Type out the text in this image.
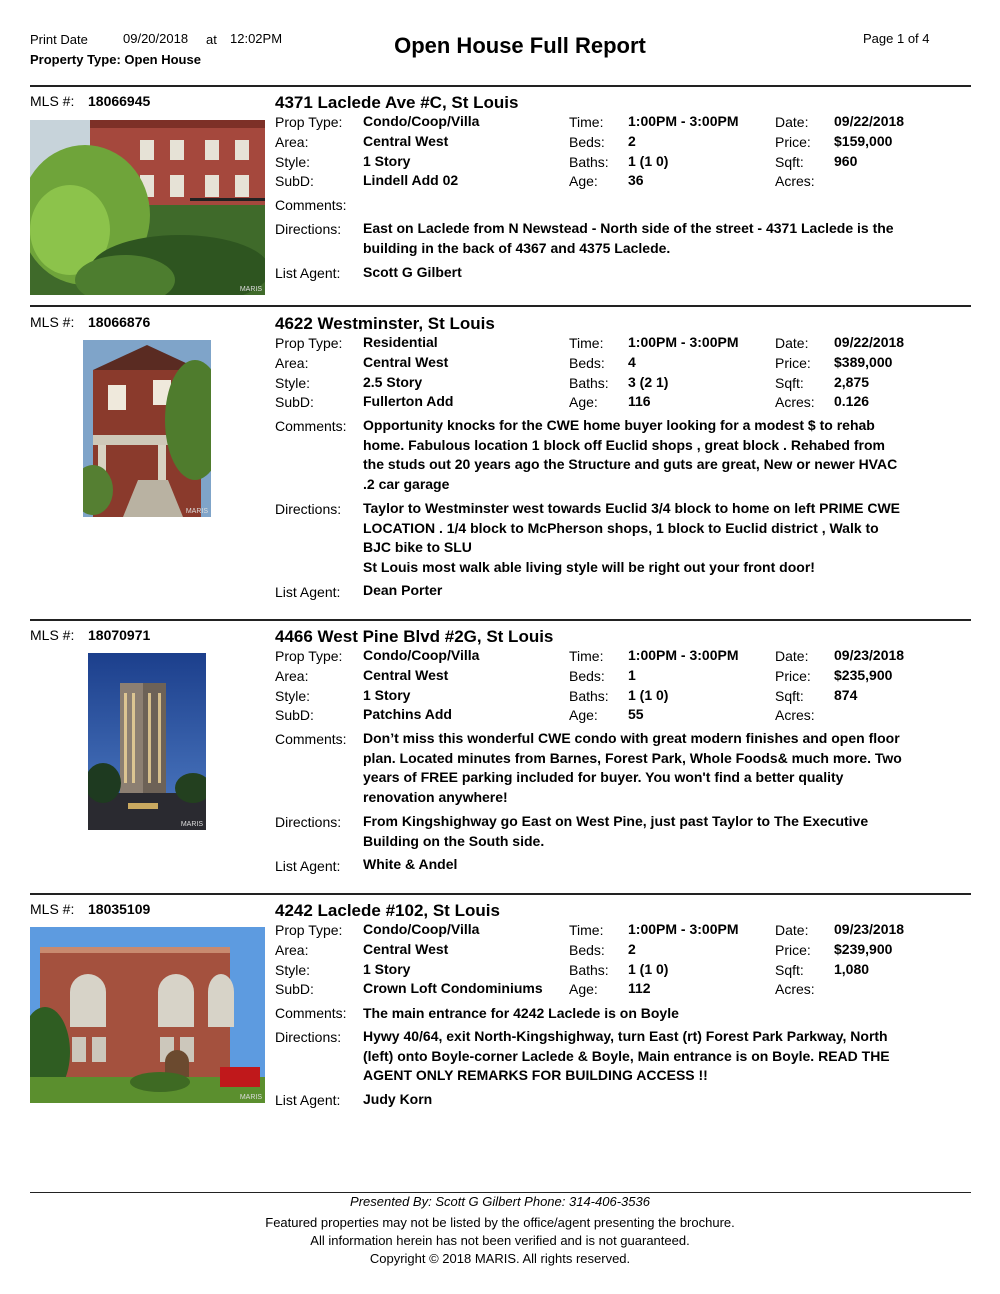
Print Date	09/20/2018 at 12:02PM	Open House Full Report	Page 1 of 4
Property Type: Open House
MLS #: 18066945	4371 Laclede Ave #C, St Louis
MARIS
Prop Type: Condo/Coop/Villa
Area:	Central West
Style:	1 Story
SubD:	Lindell Add 02
Time: 1:00PM - 3:00PM
Beds: 2
Baths: 1 (1 0)
Age: 36
Date: 09/22/2018
Price: $159,000
Sqft: 960
Acres:
Comments:
Directions: East on Laclede from N Newstead - North side of the street - 4371 Laclede is the building in the back of 4367 and 4375 Laclede.
List Agent: Scott G Gilbert
MLS #: 18066876	4622 Westminster, St Louis
MARIS
Prop Type: Residential
Area:	Central West
Style:	2.5 Story
SubD:	Fullerton Add
Time: 1:00PM - 3:00PM
Beds: 4
Baths: 3 (2 1)
Age: 116
Date: 09/22/2018
Price: $389,000
Sqft: 2,875
Acres: 0.126
Comments: Opportunity knocks for the CWE home buyer looking for a modest $ to rehab home. Fabulous location 1 block off Euclid shops , great block . Rehabed from the studs out 20 years ago the Structure and guts are great, New or newer HVAC .2 car garage
Directions: Taylor to Westminster west towards Euclid 3/4 block to home on left PRIME CWE LOCATION . 1/4 block to McPherson shops, 1 block to Euclid district , Walk to BJC bike to SLU
St Louis most walk able living style will be right out your front door!
List Agent: Dean Porter
MLS #: 18070971	4466 West Pine Blvd #2G, St Louis
MARIS
Prop Type: Condo/Coop/Villa
Area:	Central West
Style:	1 Story
SubD:	Patchins Add
Time: 1:00PM - 3:00PM
Beds: 1
Baths: 1 (1 0)
Age: 55
Date: 09/23/2018
Price: $235,900
Sqft: 874
Acres:
Comments: Don’t miss this wonderful CWE condo with great modern finishes and open floor plan. Located minutes from Barnes, Forest Park, Whole Foods& much more. Two years of FREE parking included for buyer. You won't find a better quality renovation anywhere!
Directions: From Kingshighway go East on West Pine, just past Taylor to The Executive Building on the South side.
List Agent: White & Andel
MLS #: 18035109	4242 Laclede #102, St Louis
MARIS
Prop Type: Condo/Coop/Villa
Area:	Central West
Style:	1 Story
SubD:	Crown Loft Condominiums
Time: 1:00PM - 3:00PM
Beds: 2
Baths: 1 (1 0)
Age: 112
Date: 09/23/2018
Price: $239,900
Sqft: 1,080
Acres:
Comments: The main entrance for 4242 Laclede is on Boyle
Directions: Hywy 40/64, exit North-Kingshighway, turn East (rt) Forest Park Parkway, North (left) onto Boyle-corner Laclede & Boyle, Main entrance is on Boyle. READ THE AGENT ONLY REMARKS FOR BUILDING ACCESS !!
List Agent: Judy Korn
Presented By: Scott G Gilbert Phone: 314-406-3536
Featured properties may not be listed by the office/agent presenting the brochure.
All information herein has not been verified and is not guaranteed.
Copyright © 2018 MARIS. All rights reserved.
